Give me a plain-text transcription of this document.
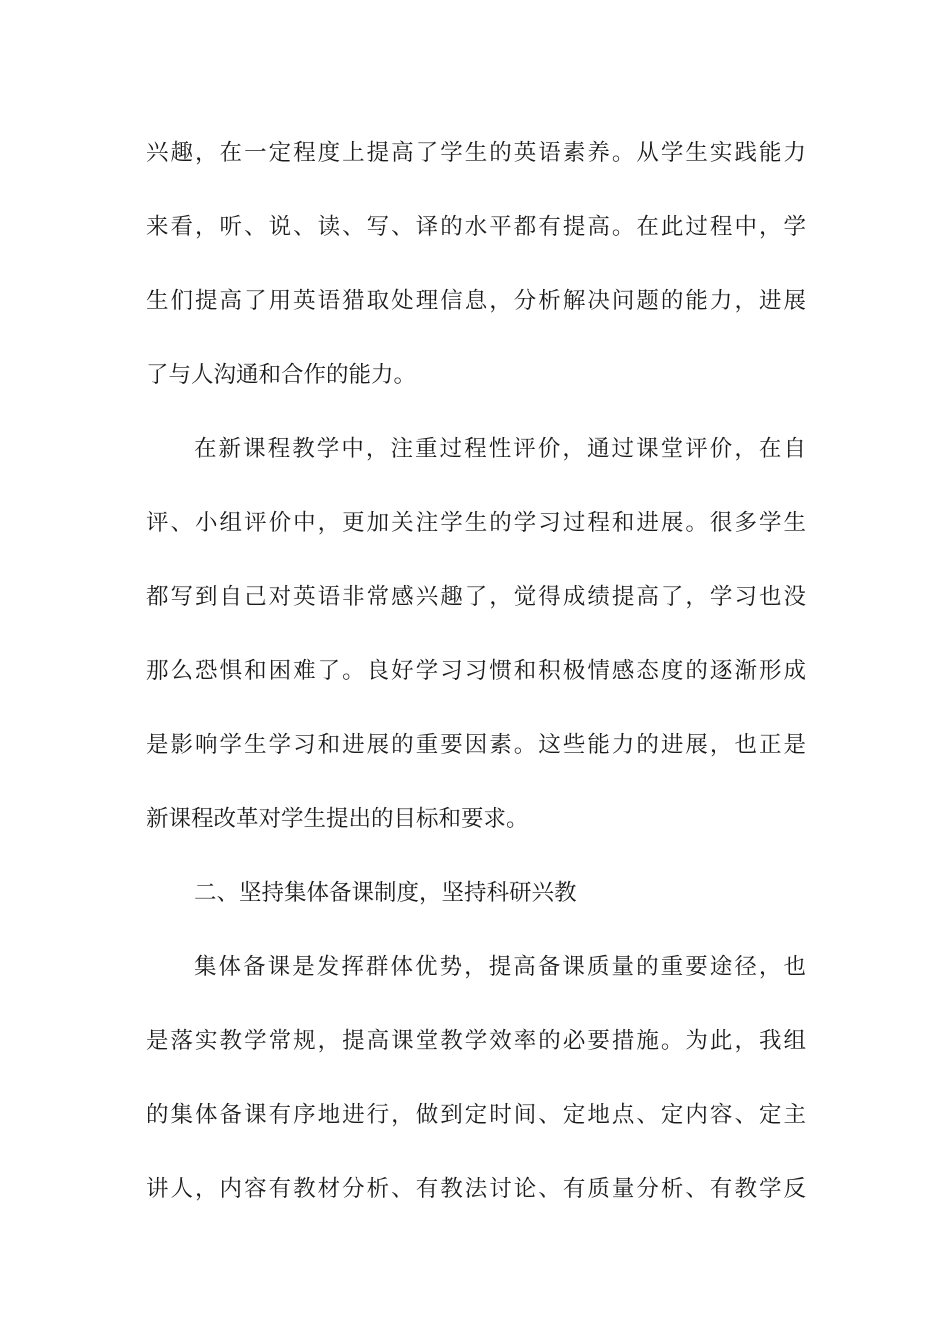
兴趣，在一定程度上提高了学生的英语素养。从学生实践能力
来看，听、说、读、写、译的水平都有提高。在此过程中，学
生们提高了用英语猎取处理信息，分析解决问题的能力，进展
了与人沟通和合作的能力。
在新课程教学中，注重过程性评价，通过课堂评价，在自
评、小组评价中，更加关注学生的学习过程和进展。很多学生
都写到自己对英语非常感兴趣了，觉得成绩提高了，学习也没
那么恐惧和困难了。良好学习习惯和积极情感态度的逐渐形成
是影响学生学习和进展的重要因素。这些能力的进展，也正是
新课程改革对学生提出的目标和要求。
二、坚持集体备课制度，坚持科研兴教
集体备课是发挥群体优势，提高备课质量的重要途径，也
是落实教学常规，提高课堂教学效率的必要措施。为此，我组
的集体备课有序地进行，做到定时间、定地点、定内容、定主
讲人，内容有教材分析、有教法讨论、有质量分析、有教学反
